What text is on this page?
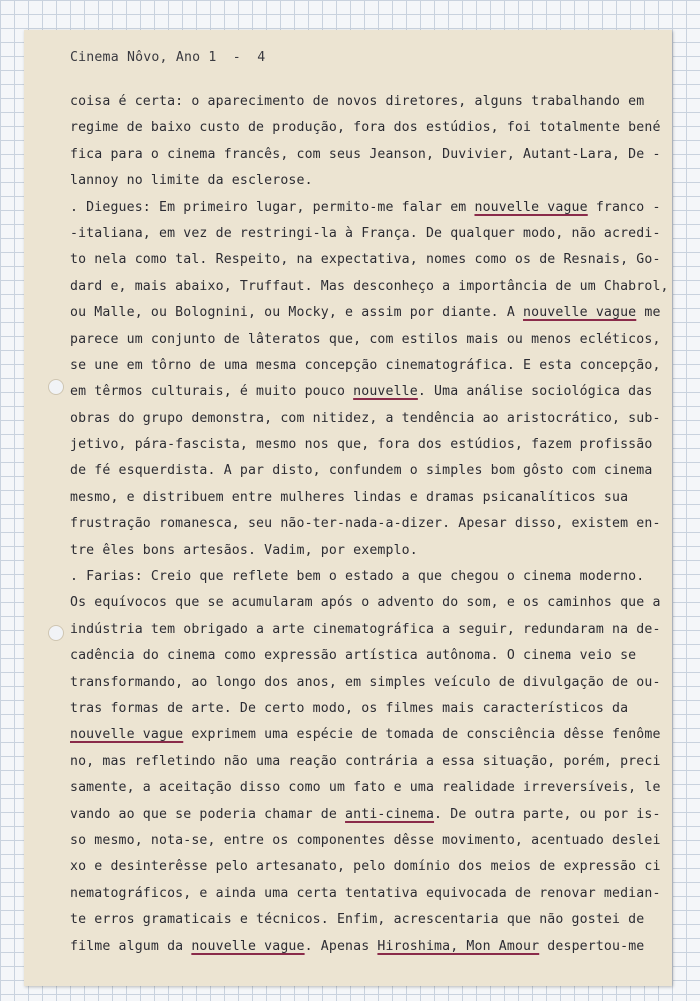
Cinema Nôvo, Ano 1  -  4
coisa é certa: o aparecimento de novos diretores, alguns trabalhando em
regime de baixo custo de produção, fora dos estúdios, foi totalmente bené
fica para o cinema francês, com seus Jeanson, Duvivier, Autant-Lara, De -
lannoy no limite da esclerose.
. Diegues: Em primeiro lugar, permito-me falar em nouvelle vague franco -
-italiana, em vez de restringi-la à França. De qualquer modo, não acredi-
to nela como tal. Respeito, na expectativa, nomes como os de Resnais, Go-
dard e, mais abaixo, Truffaut. Mas desconheço a importância de um Chabrol,
ou Malle, ou Bolognini, ou Mocky, e assim por diante. A nouvelle vague me
parece um conjunto de lâteratos que, com estilos mais ou menos ecléticos,
se une em tôrno de uma mesma concepção cinematográfica. E esta concepção,
em têrmos culturais, é muito pouco nouvelle. Uma análise sociológica das
obras do grupo demonstra, com nitidez, a tendência ao aristocrático, sub-
jetivo, pára-fascista, mesmo nos que, fora dos estúdios, fazem profissão
de fé esquerdista. A par disto, confundem o simples bom gôsto com cinema
mesmo, e distribuem entre mulheres lindas e dramas psicanalíticos sua
frustração romanesca, seu não-ter-nada-a-dizer. Apesar disso, existem en-
tre êles bons artesãos. Vadim, por exemplo.
. Farias: Creio que reflete bem o estado a que chegou o cinema moderno.
Os equívocos que se acumularam após o advento do som, e os caminhos que a
indústria tem obrigado a arte cinematográfica a seguir, redundaram na de-
cadência do cinema como expressão artística autônoma. O cinema veio se
transformando, ao longo dos anos, em simples veículo de divulgação de ou-
tras formas de arte. De certo modo, os filmes mais característicos da
nouvelle vague exprimem uma espécie de tomada de consciência dêsse fenôme
no, mas refletindo não uma reação contrária a essa situação, porém, preci
samente, a aceitação disso como um fato e uma realidade irreversíveis, le
vando ao que se poderia chamar de anti-cinema. De outra parte, ou por is-
so mesmo, nota-se, entre os componentes dêsse movimento, acentuado deslei
xo e desinterêsse pelo artesanato, pelo domínio dos meios de expressão ci
nematográficos, e ainda uma certa tentativa equivocada de renovar median-
te erros gramaticais e técnicos. Enfim, acrescentaria que não gostei de
filme algum da nouvelle vague. Apenas Hiroshima, Mon Amour despertou-me
